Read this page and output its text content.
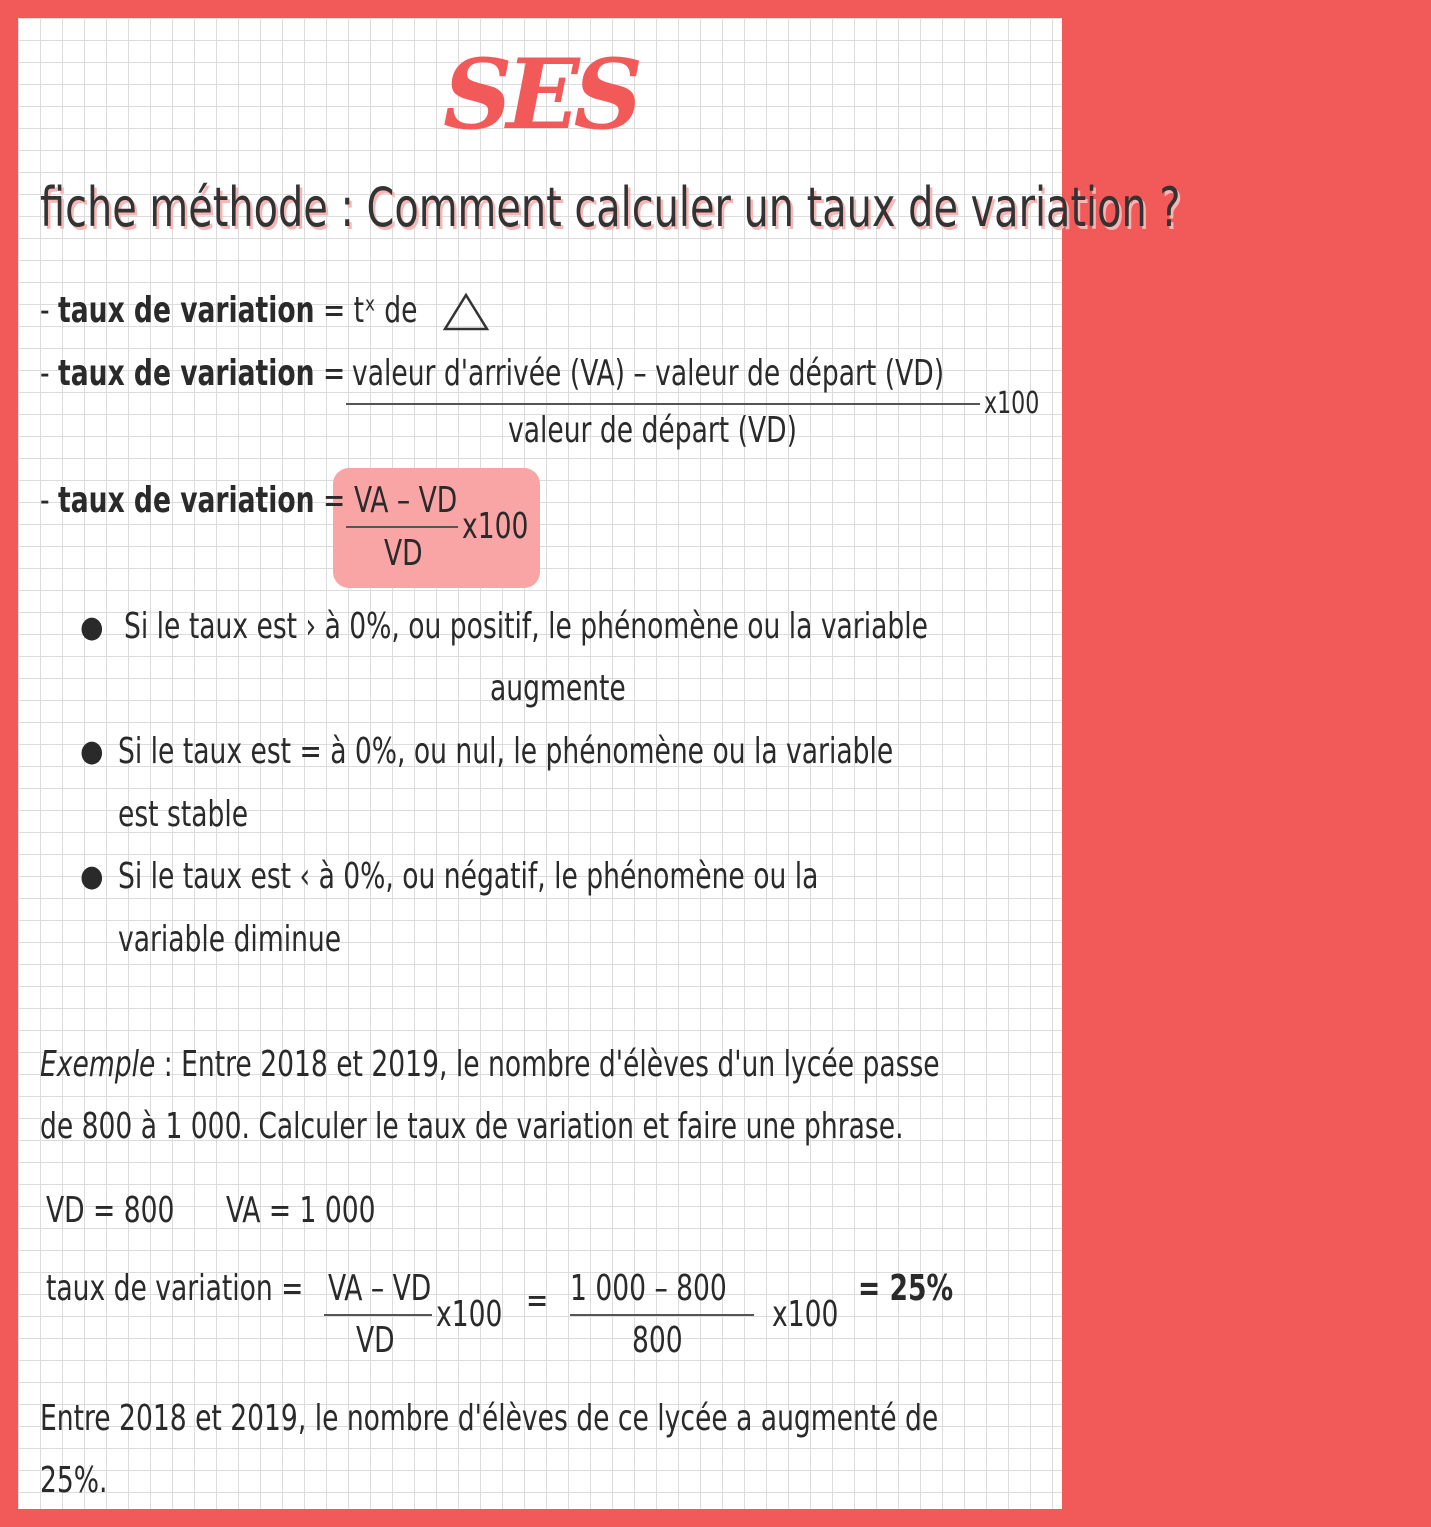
SES
fiche méthode : Comment calculer un taux de variation ?
- taux de variation = tˣ de
- taux de variation = valeur d'arrivée (VA) – valeur de départ (VD)
valeur de départ (VD)
x100
- taux de variation = VA – VD
VD
x100
● Si le taux est › à 0%, ou positif, le phénomène ou la variable
augmente
● Si le taux est = à 0%, ou nul, le phénomène ou la variable
est stable
● Si le taux est ‹ à 0%, ou négatif, le phénomène ou la
variable diminue
Exemple : Entre 2018 et 2019, le nombre d'élèves d'un lycée passe
de 800 à 1 000. Calculer le taux de variation et faire une phrase.
VD = 800	VA = 1 000
taux de variation = VA – VD
VD
x100 = 1 000 – 800
800
x100
= 25%
Entre 2018 et 2019, le nombre d'élèves de ce lycée a augmenté de
25%.
